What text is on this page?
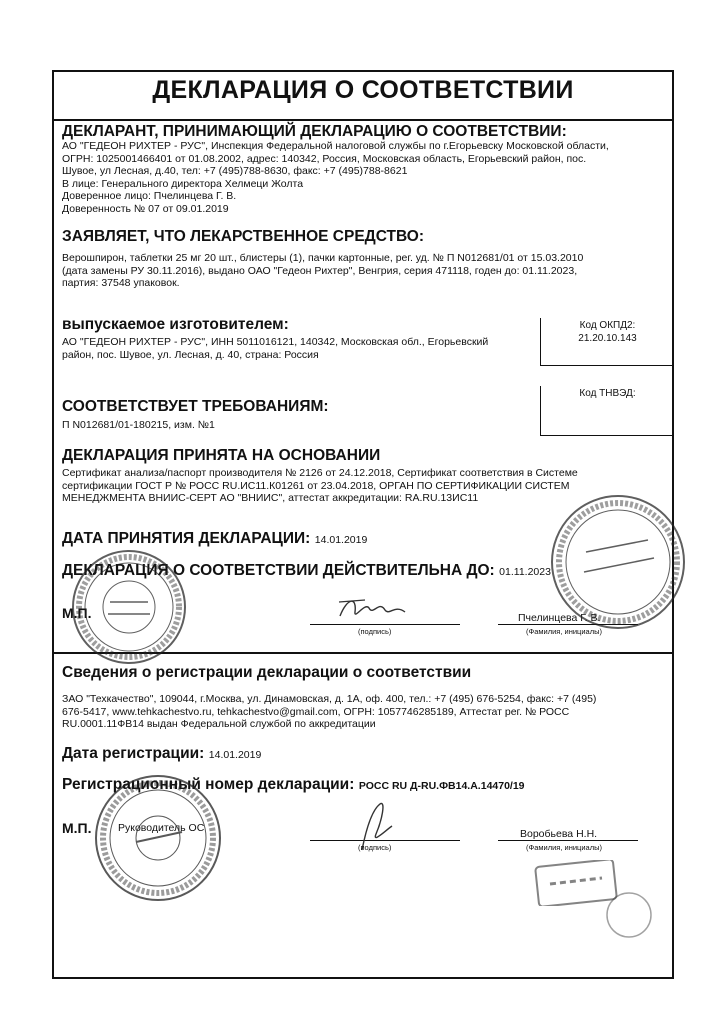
ДЕКЛАРАЦИЯ О СООТВЕТСТВИИ
ДЕКЛАРАНТ, ПРИНИМАЮЩИЙ ДЕКЛАРАЦИЮ О СООТВЕТСТВИИ:
АО "ГЕДЕОН РИХТЕР - РУС", Инспекция Федеральной налоговой службы по г.Егорьевску Московской области,
ОГРН: 1025001466401 от 01.08.2002, адрес: 140342, Россия, Московская область, Егорьевский район, пос.
Шувое, ул Лесная, д.40, тел: +7 (495)788-8630, факс: +7 (495)788-8621
В лице: Генерального директора Хелмеци Жолта
Доверенное лицо: Пчелинцева Г. В.
Доверенность № 07 от 09.01.2019
ЗАЯВЛЯЕТ, ЧТО ЛЕКАРСТВЕННОЕ СРЕДСТВО:
Верошпирон, таблетки 25 мг 20 шт., блистеры (1), пачки картонные, рег. уд. № П N012681/01 от 15.03.2010
(дата замены РУ 30.11.2016), выдано ОАО "Гедеон Рихтер", Венгрия, серия 471118, годен до: 01.11.2023,
партия: 37548 упаковок.
выпускаемое изготовителем:
АО "ГЕДЕОН РИХТЕР - РУС", ИНН 5011016121, 140342, Московская обл., Егорьевский
район, пос. Шувое, ул. Лесная, д. 40, страна: Россия
Код ОКПД2:
21.20.10.143
Код ТНВЭД:
СООТВЕТСТВУЕТ ТРЕБОВАНИЯМ:
П N012681/01-180215, изм. №1
ДЕКЛАРАЦИЯ ПРИНЯТА НА ОСНОВАНИИ
Сертификат анализа/паспорт производителя № 2126 от 24.12.2018, Сертификат соответствия в Системе
сертификации ГОСТ Р № РОСС RU.ИС11.К01261 от 23.04.2018, ОРГАН ПО СЕРТИФИКАЦИИ СИСТЕМ
МЕНЕДЖМЕНТА ВНИИС-СЕРТ АО "ВНИИС", аттестат аккредитации: RA.RU.13ИС11
ДАТА ПРИНЯТИЯ ДЕКЛАРАЦИИ: 14.01.2019
ДЕКЛАРАЦИЯ О СООТВЕТСТВИИ ДЕЙСТВИТЕЛЬНА ДО: 01.11.2023
М.П.
(подпись)
Пчелинцева Г. В.
(Фамилия, инициалы)
Сведения о регистрации декларации о соответствии
ЗАО "Техкачество", 109044, г.Москва, ул. Динамовская, д. 1А, оф. 400, тел.: +7 (495) 676-5254, факс: +7 (495)
676-5417, www.tehkachestvo.ru, tehkachestvo@gmail.com, ОГРН: 1057746285189, Аттестат рег. № РОСС
RU.0001.11ФВ14 выдан Федеральной службой по аккредитации
Дата регистрации: 14.01.2019
Регистрационный номер декларации: РОСС RU Д-RU.ФВ14.А.14470/19
М.П.	Руководитель ОС
(подпись)
Воробьева Н.Н.
(Фамилия, инициалы)
